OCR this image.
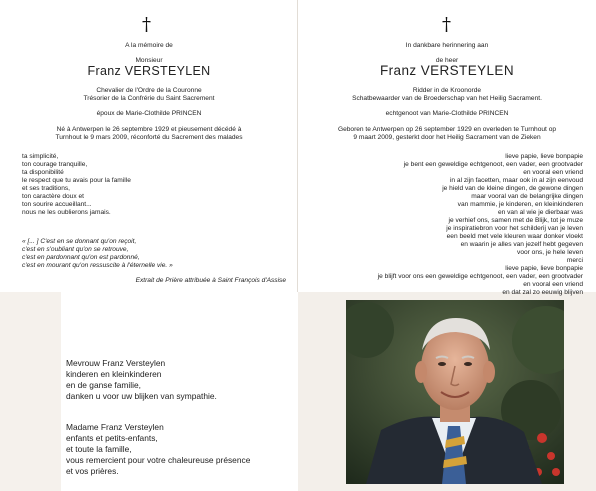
†
A la mémoire de
Monsieur
Franz VERSTEYLEN
Chevalier de l'Ordre de la Couronne
Trésorier de la Confrérie du Saint Sacrement
époux de Marie-Clothilde PRINCEN
Né à Antwerpen le 26 septembre 1929 et pieusement décédé à
Turnhout le 9 mars 2009, réconforté du Sacrement des malades
ta simplicité,
ton courage tranquille,
ta disponibilité
le respect que tu avais pour la famille
et ses traditions,
ton caractère doux et
ton sourire accueillant...
nous ne les oublierons jamais.
« [... ] C'est en se donnant qu'on reçoit,
c'est en s'oubliant qu'on se retrouve,
c'est en pardonnant qu'on est pardonné,
c'est en mourant qu'on ressuscite à l'éternelle vie. »
Extrait de Prière attribuée à Saint François d'Assise
†
In dankbare herinnering aan
de heer
Franz VERSTEYLEN
Ridder in de Kroonorde
Schatbewaarder van de Broederschap van het Heilig Sacrament.
echtgenoot van Marie-Clothilde PRINCEN
Geboren te Antwerpen op 26 september 1929 en overleden te Turnhout op
9 maart 2009, gesterkt door het Heilig Sacrament van de Zieken
lieve papie, lieve bonpapie
je bent een geweldige echtgenoot, een vader, een grootvader
en vooral een vriend
in al zijn facetten, maar ook in al zijn eenvoud
je hield van de kleine dingen, de gewone dingen
maar vooral van de belangrijke dingen
van mammie, je kinderen, en kleinkinderen
en van al wie je dierbaar was
je verhief ons, samen met de Blijk, tot je muze
je inspiratiebron voor het schilderij van je leven
een beeld met vele kleuren waar donker vloekt
en waarin je alles van jezelf hebt gegeven
voor ons, je hele leven
merci
lieve papie, lieve bonpapie
je blijft voor ons een geweldige echtgenoot, een vader, een grootvader
en vooral een vriend
en dat zal zo eeuwig blijven
Mevrouw Franz Versteylen
kinderen en kleinkinderen
en de ganse familie,
danken u voor uw blijken van sympathie.
Madame Franz Versteylen
enfants et petits-enfants,
et toute la famille,
vous remercient pour votre chaleureuse présence
et vos prières.
